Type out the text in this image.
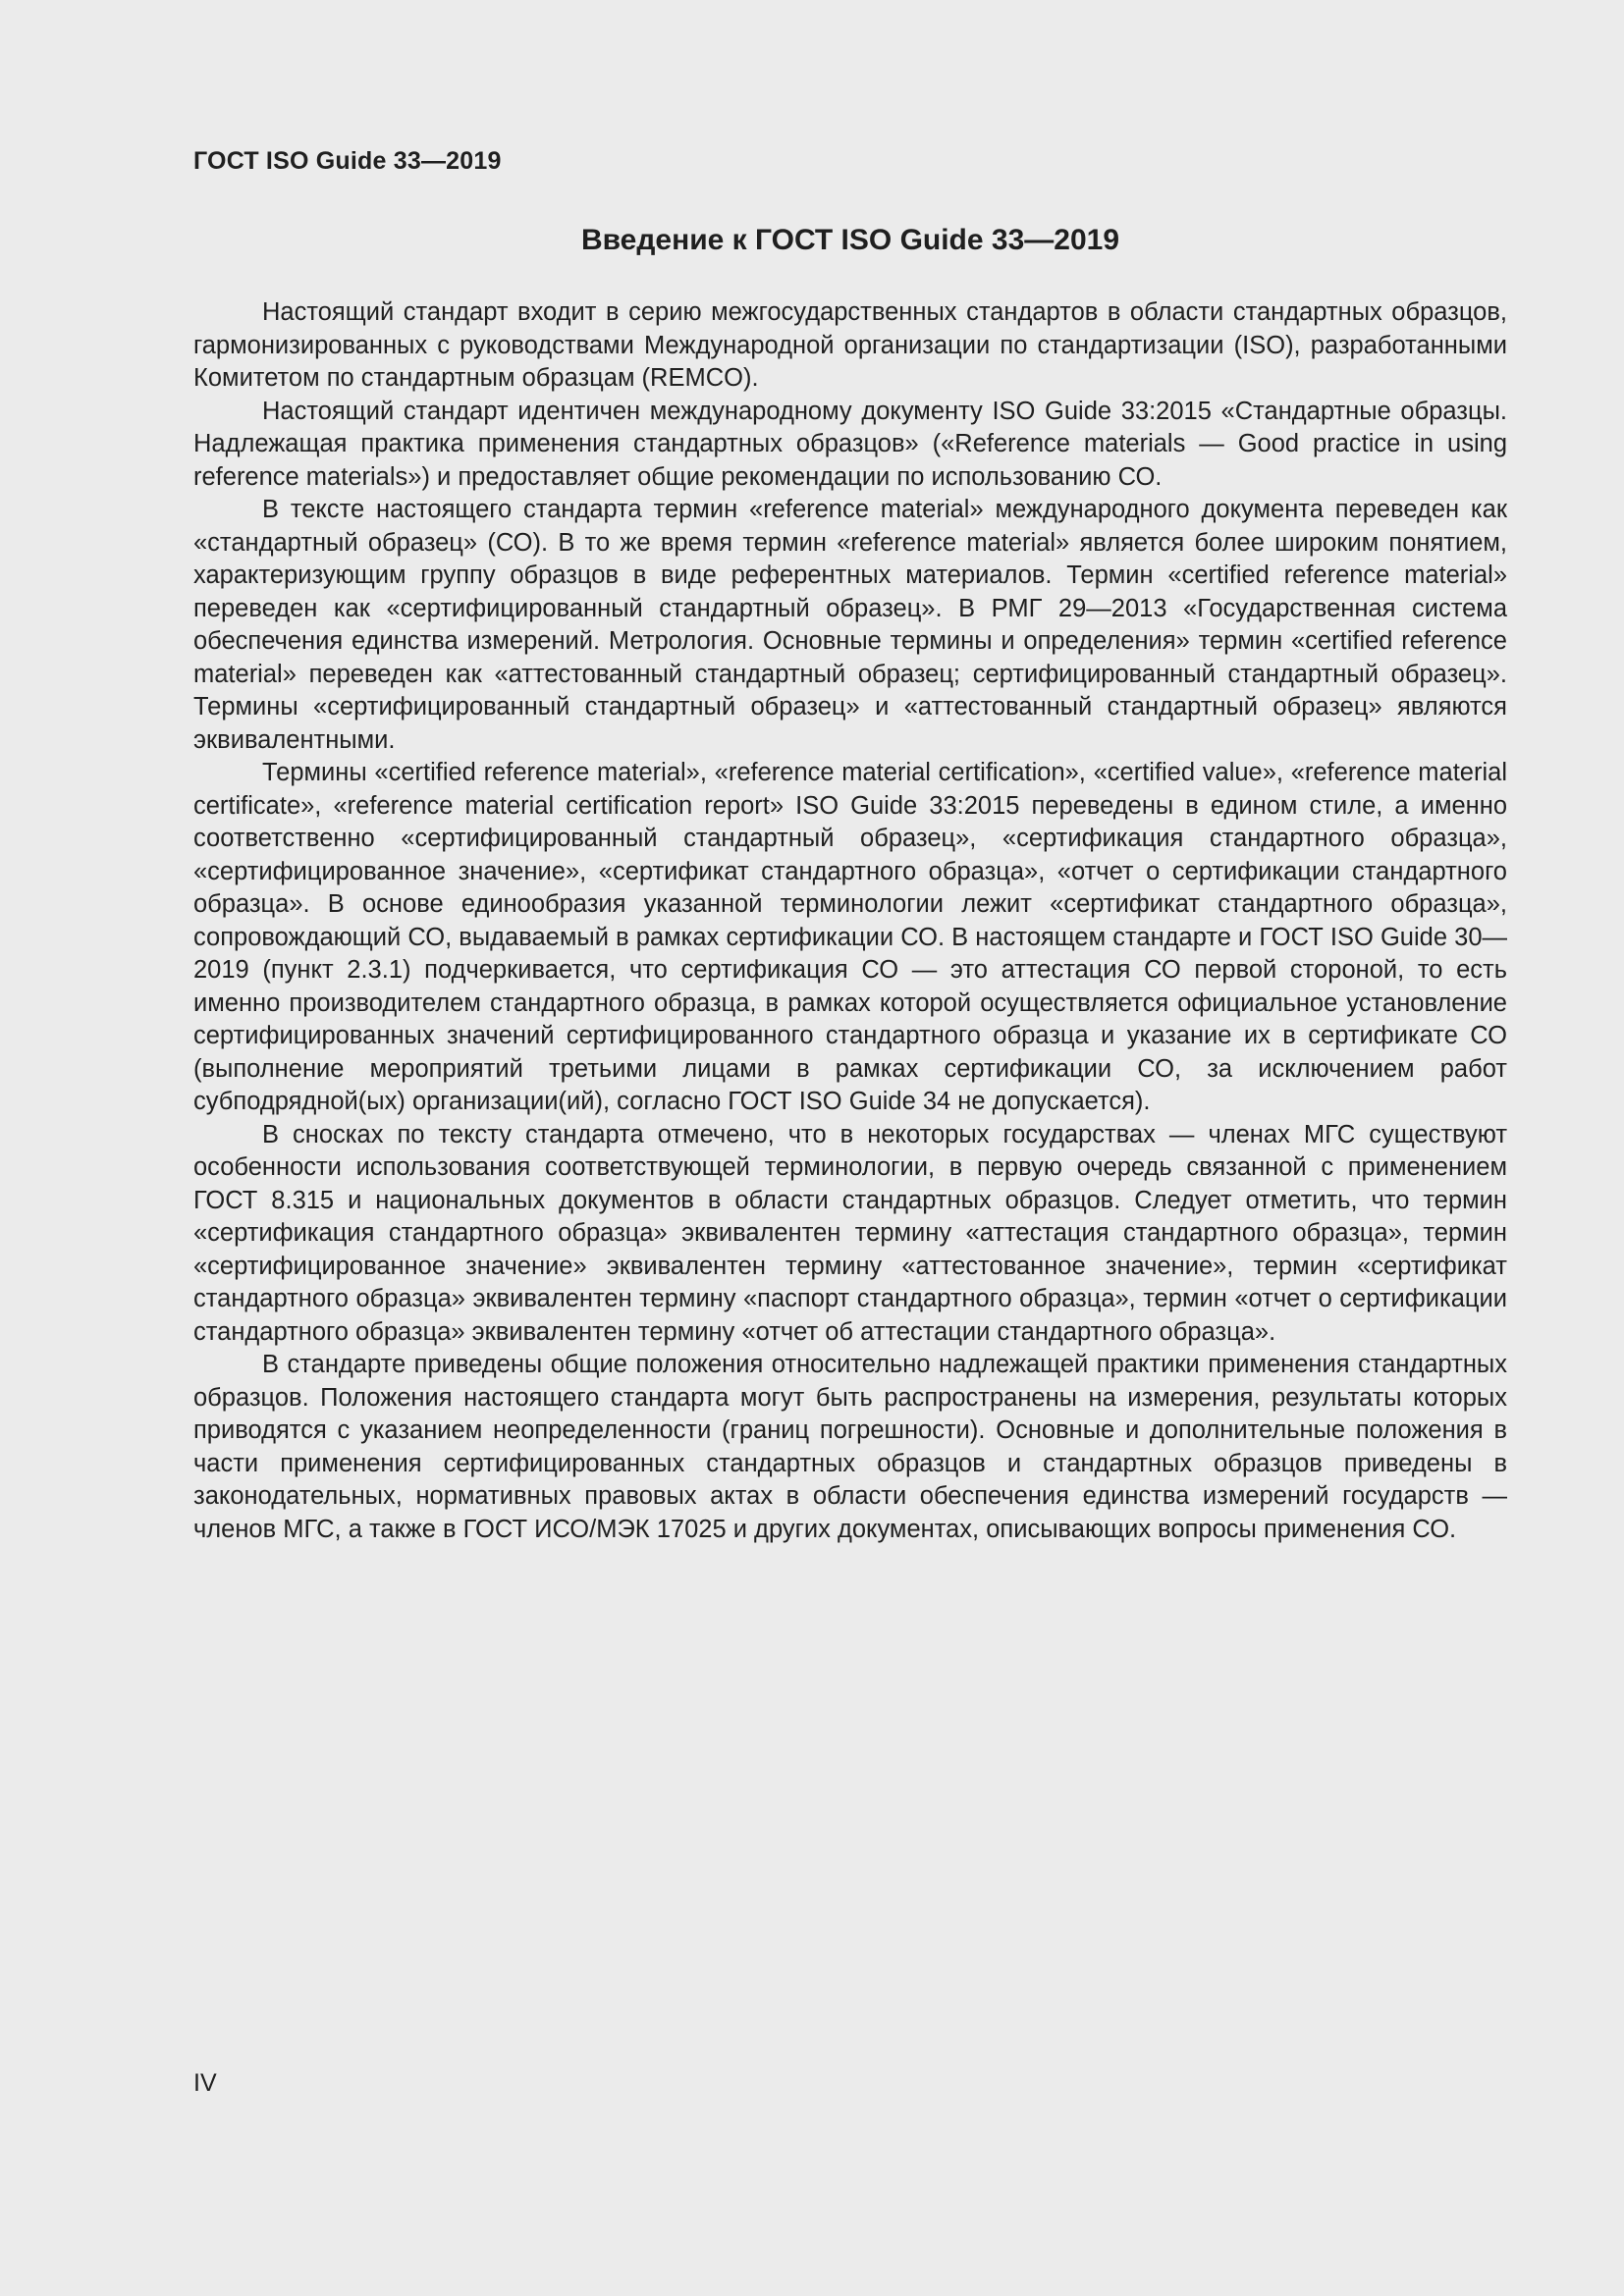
ГОСТ ISO Guide 33—2019
Введение к ГОСТ ISO Guide 33—2019

Настоящий стандарт входит в серию межгосударственных стандартов в области стандартных образцов, гармонизированных с руководствами Международной организации по стандартизации (ISO), разработанными Комитетом по стандартным образцам (REMCO).

Настоящий стандарт идентичен международному документу ISO Guide 33:2015 «Стандартные образцы. Надлежащая практика применения стандартных образцов» («Reference materials — Good practice in using reference materials») и предоставляет общие рекомендации по использованию СО.

В тексте настоящего стандарта термин «reference material» международного документа переведен как «стандартный образец» (СО). В то же время термин «reference material» является более широким понятием, характеризующим группу образцов в виде референтных материалов. Термин «certified reference material» переведен как «сертифицированный стандартный образец». В РМГ 29—2013 «Государственная система обеспечения единства измерений. Метрология. Основные термины и определения» термин «certified reference material» переведен как «аттестованный стандартный образец; сертифицированный стандартный образец». Термины «сертифицированный стандартный образец» и «аттестованный стандартный образец» являются эквивалентными.

Термины «certified reference material», «reference material certification», «certified value», «reference material certificate», «reference material certification report» ISO Guide 33:2015 переведены в едином стиле, а именно соответственно «сертифицированный стандартный образец», «сертификация стандартного образца», «сертифицированное значение», «сертификат стандартного образца», «отчет о сертификации стандартного образца». В основе единообразия указанной терминологии лежит «сертификат стандартного образца», сопровождающий СО, выдаваемый в рамках сертификации СО. В настоящем стандарте и ГОСТ ISO Guide 30—2019 (пункт 2.3.1) подчеркивается, что сертификация СО — это аттестация СО первой стороной, то есть именно производителем стандартного образца, в рамках которой осуществляется официальное установление сертифицированных значений сертифицированного стандартного образца и указание их в сертификате СО (выполнение мероприятий третьими лицами в рамках сертификации СО, за исключением работ субподрядной(ых) организации(ий), согласно ГОСТ ISO Guide 34 не допускается).

В сносках по тексту стандарта отмечено, что в некоторых государствах — членах МГС существуют особенности использования соответствующей терминологии, в первую очередь связанной с применением ГОСТ 8.315 и национальных документов в области стандартных образцов. Следует отметить, что термин «сертификация стандартного образца» эквивалентен термину «аттестация стандартного образца», термин «сертифицированное значение» эквивалентен термину «аттестованное значение», термин «сертификат стандартного образца» эквивалентен термину «паспорт стандартного образца», термин «отчет о сертификации стандартного образца» эквивалентен термину «отчет об аттестации стандартного образца».

В стандарте приведены общие положения относительно надлежащей практики применения стандартных образцов. Положения настоящего стандарта могут быть распространены на измерения, результаты которых приводятся с указанием неопределенности (границ погрешности). Основные и дополнительные положения в части применения сертифицированных стандартных образцов и стандартных образцов приведены в законодательных, нормативных правовых актах в области обеспечения единства измерений государств — членов МГС, а также в ГОСТ ИСО/МЭК 17025 и других документах, описывающих вопросы применения СО.

IV
